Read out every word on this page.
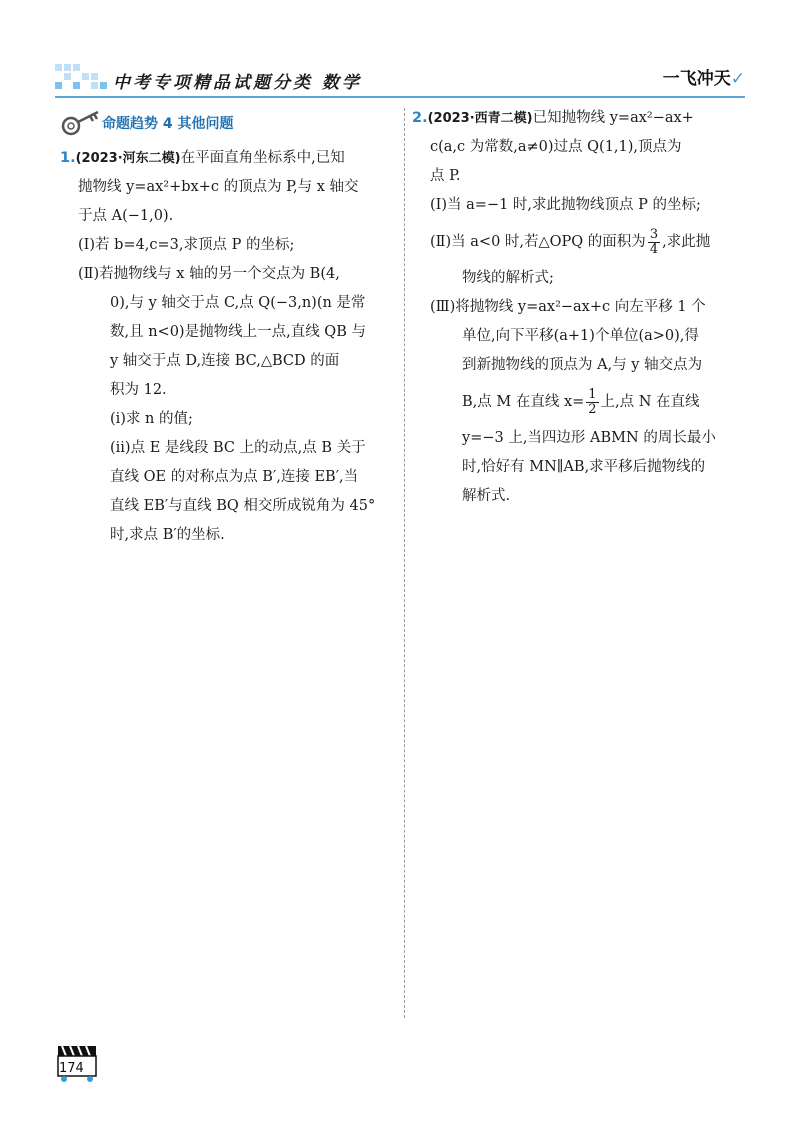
中考专项精品试题分类 数学	一飞冲天✓
命题趋势 4 其他问题

1.(2023·河东二模)在平面直角坐标系中,已知

抛物线 y=ax²+bx+c 的顶点为 P,与 x 轴交

于点 A(−1,0).

(Ⅰ)若 b=4,c=3,求顶点 P 的坐标;

(Ⅱ)若抛物线与 x 轴的另一个交点为 B(4,

0),与 y 轴交于点 C,点 Q(−3,n)(n 是常

数,且 n<0)是抛物线上一点,直线 QB 与

y 轴交于点 D,连接 BC,△BCD 的面

积为 12.

(ⅰ)求 n 的值;

(ⅱ)点 E 是线段 BC 上的动点,点 B 关于

直线 OE 的对称点为点 B′,连接 EB′,当

直线 EB′与直线 BQ 相交所成锐角为 45°

时,求点 B′的坐标.

2.(2023·西青二模)已知抛物线 y=ax²−ax+

c(a,c 为常数,a≠0)过点 Q(1,1),顶点为

点 P.

(Ⅰ)当 a=−1 时,求此抛物线顶点 P 的坐标;

(Ⅱ)当 a<0 时,若△OPQ 的面积为 $\frac{3}{4}$ ,求此抛

物线的解析式;

(Ⅲ)将抛物线 y=ax²−ax+c 向左平移 1 个

单位,向下平移(a+1)个单位(a>0),得

到新抛物线的顶点为 A,与 y 轴交点为

B,点 M 在直线 $x= \frac{1}{2}$ 上,点 N 在直线

y=−3 上,当四边形 ABMN 的周长最小

时,恰好有 MN∥AB,求平移后抛物线的

解析式.

174
